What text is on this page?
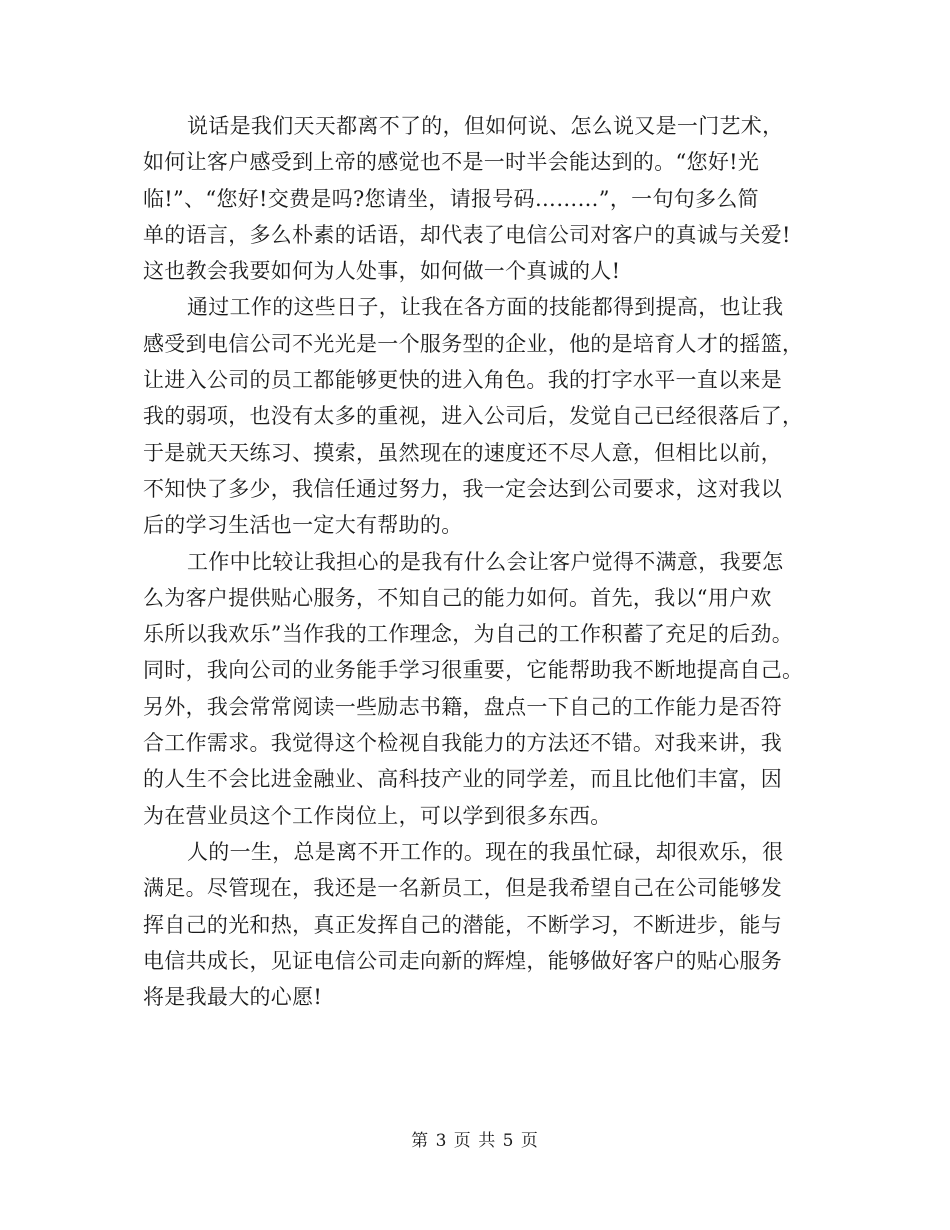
说话是我们天天都离不了的，但如何说、怎么说又是一门艺术，
如何让客户感受到上帝的感觉也不是一时半会能达到的。“您好!光
临!”、“您好!交费是吗?您请坐，请报号码………”，一句句多么简
单的语言，多么朴素的话语，却代表了电信公司对客户的真诚与关爱!
这也教会我要如何为人处事，如何做一个真诚的人!
通过工作的这些日子，让我在各方面的技能都得到提高，也让我
感受到电信公司不光光是一个服务型的企业，他的是培育人才的摇篮，
让进入公司的员工都能够更快的进入角色。我的打字水平一直以来是
我的弱项，也没有太多的重视，进入公司后，发觉自己已经很落后了，
于是就天天练习、摸索，虽然现在的速度还不尽人意，但相比以前，
不知快了多少，我信任通过努力，我一定会达到公司要求，这对我以
后的学习生活也一定大有帮助的。
工作中比较让我担心的是我有什么会让客户觉得不满意，我要怎
么为客户提供贴心服务，不知自己的能力如何。首先，我以“用户欢
乐所以我欢乐”当作我的工作理念，为自己的工作积蓄了充足的后劲。
同时，我向公司的业务能手学习很重要，它能帮助我不断地提高自己。
另外，我会常常阅读一些励志书籍，盘点一下自己的工作能力是否符
合工作需求。我觉得这个检视自我能力的方法还不错。对我来讲，我
的人生不会比进金融业、高科技产业的同学差，而且比他们丰富，因
为在营业员这个工作岗位上，可以学到很多东西。
人的一生，总是离不开工作的。现在的我虽忙碌，却很欢乐，很
满足。尽管现在，我还是一名新员工，但是我希望自己在公司能够发
挥自己的光和热，真正发挥自己的潜能，不断学习，不断进步，能与
电信共成长，见证电信公司走向新的辉煌，能够做好客户的贴心服务
将是我最大的心愿!
第 3 页 共 5 页
